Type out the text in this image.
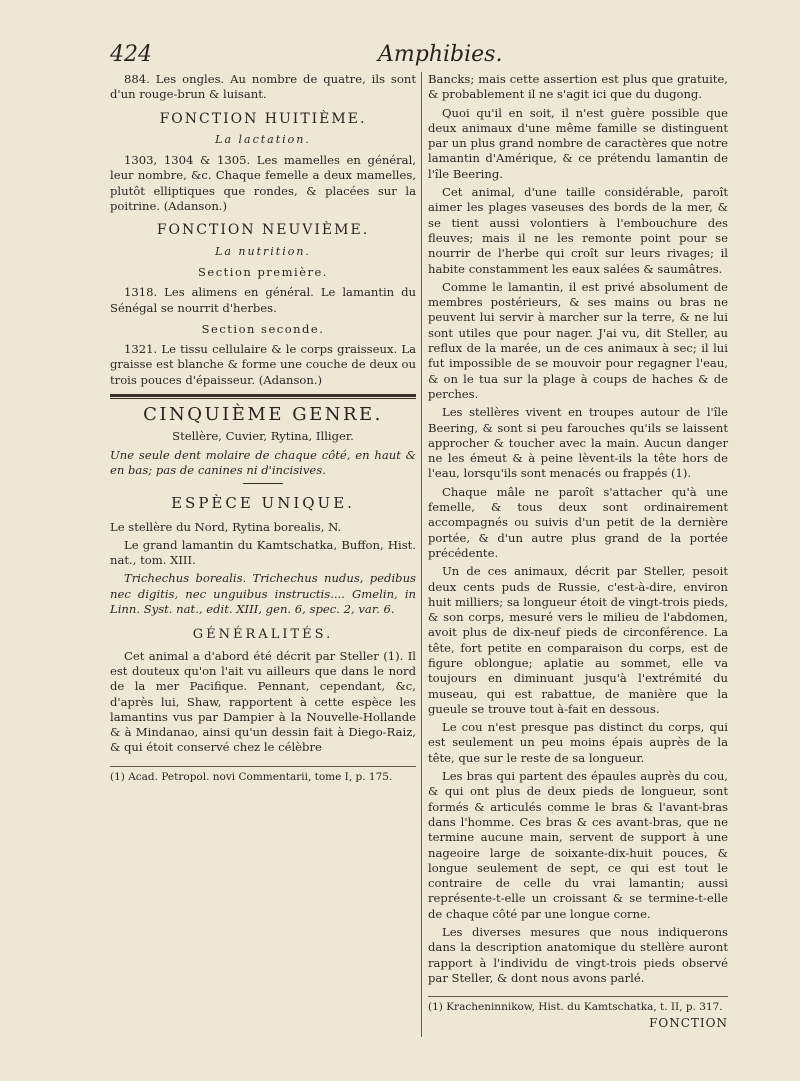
424	Amphibies.

884. Les ongles. Au nombre de quatre, ils sont d'un rouge-brun & luisant.

FONCTION HUITIÈME.
La lactation.

1303, 1304 & 1305. Les mamelles en général, leur nombre, &c. Chaque femelle a deux mamelles, plutôt elliptiques que rondes, & placées sur la poitrine. (Adanson.)

FONCTION NEUVIÈME.
La nutrition.
Section première.

1318. Les alimens en général. Le lamantin du Sénégal se nourrit d'herbes.

Section seconde.

1321. Le tissu cellulaire & le corps graisseux. La graisse est blanche & forme une couche de deux ou trois pouces d'épaisseur. (Adanson.)

CINQUIÈME GENRE.

Stellère, Cuvier, Rytina, Illiger.

Une seule dent molaire de chaque côté, en haut & en bas; pas de canines ni d'incisives.

ESPÈCE UNIQUE.

Le stellère du Nord, Rytina borealis, N.

Le grand lamantin du Kamtschatka, Buffon, Hist. nat., tom. XIII.

Trichechus borealis. Trichechus nudus, pedibus nec digitis, nec unguibus instructis.... Gmelin, in Linn. Syst. nat., edit. XIII, gen. 6, spec. 2, var. 6.

GÉNÉRALITÉS.

Cet animal a d'abord été décrit par Steller (1). Il est douteux qu'on l'ait vu ailleurs que dans le nord de la mer Pacifique. Pennant, cependant, &c, d'après lui, Shaw, rapportent à cette espèce les lamantins vus par Dampier à la Nouvelle-Hollande & à Mindanao, ainsi qu'un dessin fait à Diego-Raiz, & qui étoit conservé chez le célèbre

(1) Acad. Petropol. novi Commentarii, tome I, p. 175.

Bancks; mais cette assertion est plus que gratuite, & probablement il ne s'agit ici que du dugong.

Quoi qu'il en soit, il n'est guère possible que deux animaux d'une même famille se distinguent par un plus grand nombre de caractères que notre lamantin d'Amérique, & ce prétendu lamantin de l'île Beering.

Cet animal, d'une taille considérable, paroît aimer les plages vaseuses des bords de la mer, & se tient aussi volontiers à l'embouchure des fleuves; mais il ne les remonte point pour se nourrir de l'herbe qui croît sur leurs rivages; il habite constamment les eaux salées & saumâtres.

Comme le lamantin, il est privé absolument de membres postérieurs, & ses mains ou bras ne peuvent lui servir à marcher sur la terre, & ne lui sont utiles que pour nager. J'ai vu, dit Steller, au reflux de la marée, un de ces animaux à sec; il lui fut impossible de se mouvoir pour regagner l'eau, & on le tua sur la plage à coups de haches & de perches.

Les stellères vivent en troupes autour de l'île Beering, & sont si peu farouches qu'ils se laissent approcher & toucher avec la main. Aucun danger ne les émeut & à peine lèvent-ils la tête hors de l'eau, lorsqu'ils sont menacés ou frappés (1).

Chaque mâle ne paroît s'attacher qu'à une femelle, & tous deux sont ordinairement accompagnés ou suivis d'un petit de la dernière portée, & d'un autre plus grand de la portée précédente.

Un de ces animaux, décrit par Steller, pesoit deux cents puds de Russie, c'est-à-dire, environ huit milliers; sa longueur étoit de vingt-trois pieds, & son corps, mesuré vers le milieu de l'abdomen, avoit plus de dix-neuf pieds de circonférence. La tête, fort petite en comparaison du corps, est de figure oblongue; aplatie au sommet, elle va toujours en diminuant jusqu'à l'extrémité du museau, qui est rabattue, de manière que la gueule se trouve tout à-fait en dessous.

Le cou n'est presque pas distinct du corps, qui est seulement un peu moins épais auprès de la tête, que sur le reste de sa longueur.

Les bras qui partent des épaules auprès du cou, & qui ont plus de deux pieds de longueur, sont formés & articulés comme le bras & l'avant-bras dans l'homme. Ces bras & ces avant-bras, que ne termine aucune main, servent de support à une nageoire large de soixante-dix-huit pouces, & longue seulement de sept, ce qui est tout le contraire de celle du vrai lamantin; aussi représente-t-elle un croissant & se termine-t-elle de chaque côté par une longue corne.

Les diverses mesures que nous indiquerons dans la description anatomique du stellère auront rapport à l'individu de vingt-trois pieds observé par Steller, & dont nous avons parlé.

(1) Kracheninnikow, Hist. du Kamtschatka, t. II, p. 317.

FONCTION
